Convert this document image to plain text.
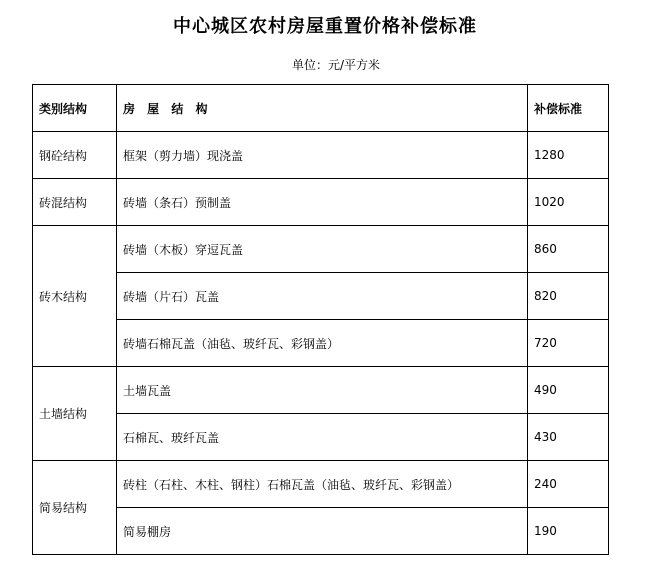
中心城区农村房屋重置价格补偿标准
单位：元/平方米
类别结构	房 屋 结 构	补偿标准
钢砼结构	框架（剪力墙）现浇盖	1280
砖混结构	砖墙（条石）预制盖	1020
砖木结构	砖墙（木板）穿逗瓦盖	860
	砖墙（片石）瓦盖	820
	砖墙石棉瓦盖（油毡、玻纤瓦、彩钢盖）	720
土墙结构	土墙瓦盖	490
	石棉瓦、玻纤瓦盖	430
简易结构	砖柱（石柱、木柱、钢柱）石棉瓦盖（油毡、玻纤瓦、彩钢盖）	240
	简易棚房	190
